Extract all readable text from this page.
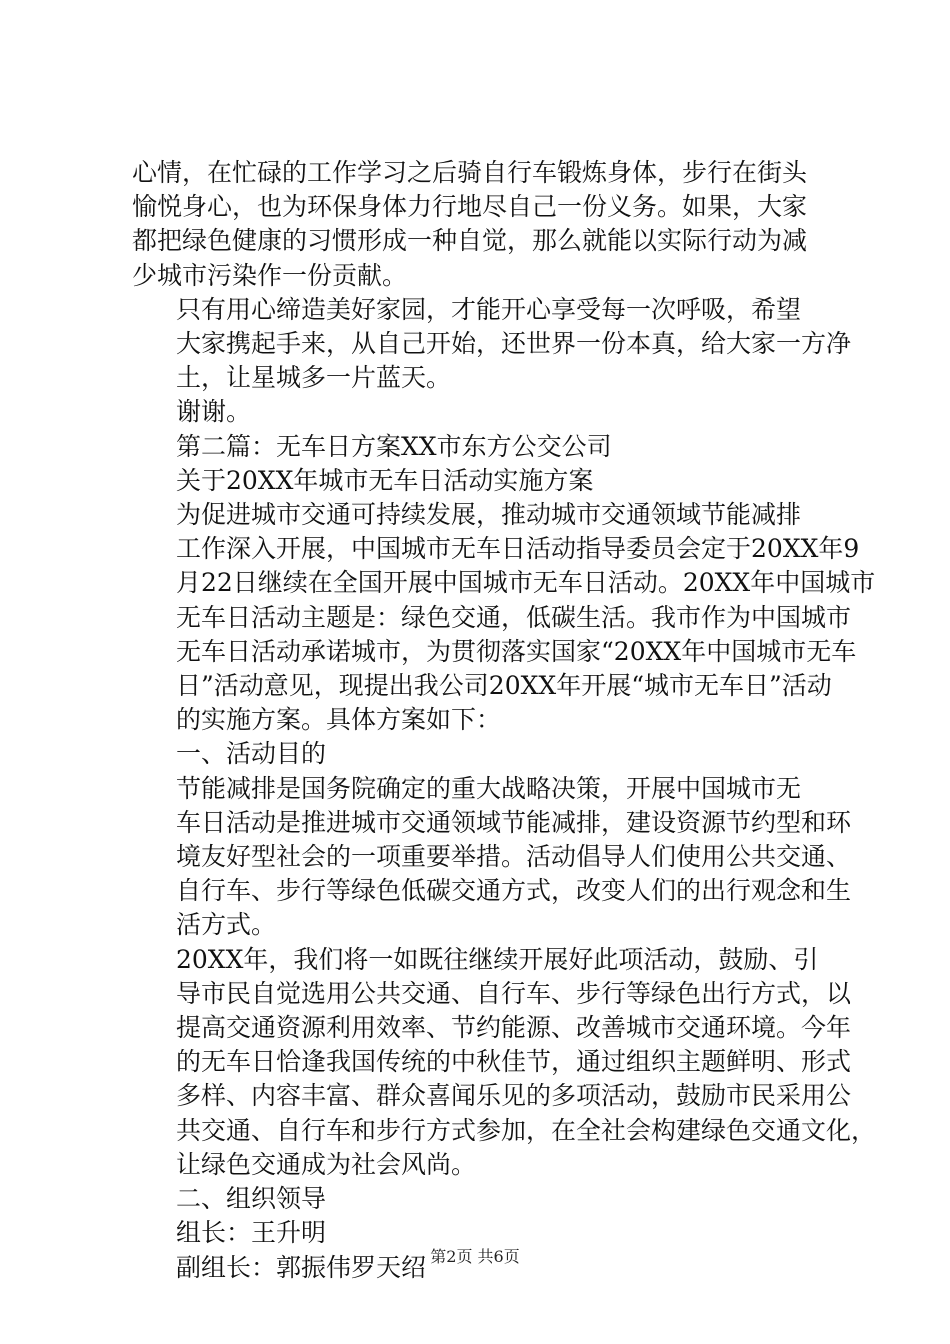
心情，在忙碌的工作学习之后骑自行车锻炼身体，步行在街头
愉悦身心，也为环保身体力行地尽自己一份义务。如果，大家
都把绿色健康的习惯形成一种自觉，那么就能以实际行动为减
少城市污染作一份贡献。
只有用心缔造美好家园，才能开心享受每一次呼吸，希望
大家携起手来，从自己开始，还世界一份本真，给大家一方净
土，让星城多一片蓝天。
谢谢。
第二篇：无车日方案XX市东方公交公司
关于20XX年城市无车日活动实施方案
为促进城市交通可持续发展，推动城市交通领域节能减排
工作深入开展，中国城市无车日活动指导委员会定于20XX年9
月22日继续在全国开展中国城市无车日活动。20XX年中国城市
无车日活动主题是：绿色交通，低碳生活。我市作为中国城市
无车日活动承诺城市，为贯彻落实国家“20XX年中国城市无车
日”活动意见，现提出我公司20XX年开展“城市无车日”活动
的实施方案。具体方案如下：
一、活动目的
节能减排是国务院确定的重大战略决策，开展中国城市无
车日活动是推进城市交通领域节能减排，建设资源节约型和环
境友好型社会的一项重要举措。活动倡导人们使用公共交通、
自行车、步行等绿色低碳交通方式，改变人们的出行观念和生
活方式。
20XX年，我们将一如既往继续开展好此项活动，鼓励、引
导市民自觉选用公共交通、自行车、步行等绿色出行方式，以
提高交通资源利用效率、节约能源、改善城市交通环境。今年
的无车日恰逢我国传统的中秋佳节，通过组织主题鲜明、形式
多样、内容丰富、群众喜闻乐见的多项活动，鼓励市民采用公
共交通、自行车和步行方式参加，在全社会构建绿色交通文化，
让绿色交通成为社会风尚。
二、组织领导
组长：王升明
副组长：郭振伟罗天绍 第2页 共6页
